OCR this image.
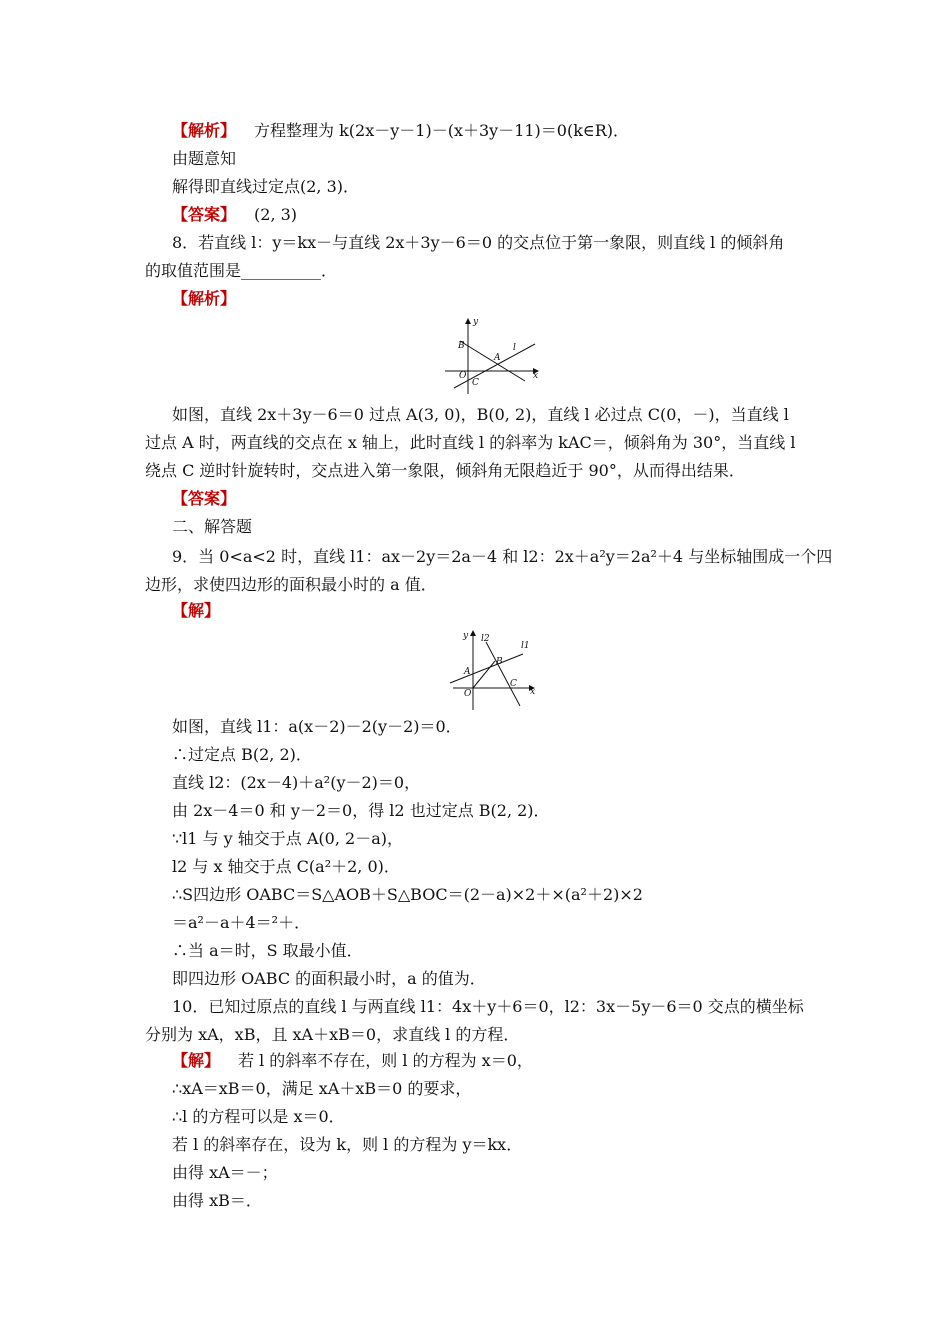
【解析】 方程整理为 k(2x－y－1)－(x＋3y－11)＝0(k∈R)．
由题意知
解得即直线过定点(2, 3)．
【答案】 (2, 3)
8．若直线 l：y＝kx－与直线 2x＋3y－6＝0 的交点位于第一象限，则直线 l 的倾斜角
的取值范围是__________．
【解析】
y
B
A
l
O
C
x
如图，直线 2x＋3y－6＝0 过点 A(3, 0)，B(0, 2)，直线 l 必过点 C(0，－)，当直线 l
过点 A 时，两直线的交点在 x 轴上，此时直线 l 的斜率为 kAC＝，倾斜角为 30°，当直线 l
绕点 C 逆时针旋转时，交点进入第一象限，倾斜角无限趋近于 90°，从而得出结果．
【答案】
二、解答题
9．当 0<a<2 时，直线 l1：ax－2y＝2a－4 和 l2：2x＋a²y＝2a²＋4 与坐标轴围成一个四
边形，求使四边形的面积最小时的 a 值．
【解】
y l2
l1
B
A
O
C
x
如图，直线 l1：a(x－2)－2(y－2)＝0．
∴过定点 B(2, 2)．
直线 l2：(2x－4)＋a²(y－2)＝0，
由 2x－4＝0 和 y－2＝0，得 l2 也过定点 B(2, 2)．
∵l1 与 y 轴交于点 A(0, 2－a)，
l2 与 x 轴交于点 C(a²＋2, 0)．
∴S四边形 OABC＝S△AOB＋S△BOC＝(2－a)×2＋×(a²＋2)×2
＝a²－a＋4＝²＋．
∴当 a＝时，S 取最小值．
即四边形 OABC 的面积最小时，a 的值为．
10．已知过原点的直线 l 与两直线 l1：4x＋y＋6＝0，l2：3x－5y－6＝0 交点的横坐标
分别为 xA，xB，且 xA＋xB＝0，求直线 l 的方程．
【解】 若 l 的斜率不存在，则 l 的方程为 x＝0，
∴xA＝xB＝0，满足 xA＋xB＝0 的要求，
∴l 的方程可以是 x＝0．
若 l 的斜率存在，设为 k，则 l 的方程为 y＝kx．
由得 xA＝－；
由得 xB＝．
